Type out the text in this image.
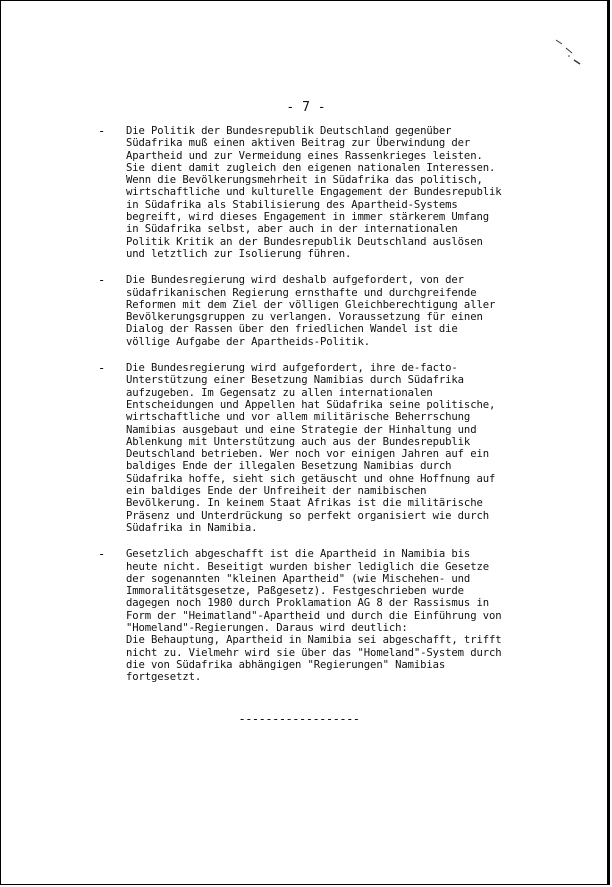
- 7 -
- Die Politik der Bundesrepublik Deutschland gegenüber
Südafrika muß einen aktiven Beitrag zur Überwindung der
Apartheid und zur Vermeidung eines Rassenkrieges leisten.
Sie dient damit zugleich den eigenen nationalen Interessen.
Wenn die Bevölkerungsmehrheit in Südafrika das politisch,
wirtschaftliche und kulturelle Engagement der Bundesrepublik
in Südafrika als Stabilisierung des Apartheid-Systems
begreift, wird dieses Engagement in immer stärkerem Umfang
in Südafrika selbst, aber auch in der internationalen
Politik Kritik an der Bundesrepublik Deutschland auslösen
und letztlich zur Isolierung führen.
- Die Bundesregierung wird deshalb aufgefordert, von der
südafrikanischen Regierung ernsthafte und durchgreifende
Reformen mit dem Ziel der völligen Gleichberechtigung aller
Bevölkerungsgruppen zu verlangen. Voraussetzung für einen
Dialog der Rassen über den friedlichen Wandel ist die
völlige Aufgabe der Apartheids-Politik.
- Die Bundesregierung wird aufgefordert, ihre de-facto-
Unterstützung einer Besetzung Namibias durch Südafrika
aufzugeben. Im Gegensatz zu allen internationalen
Entscheidungen und Appellen hat Südafrika seine politische,
wirtschaftliche und vor allem militärische Beherrschung
Namibias ausgebaut und eine Strategie der Hinhaltung und
Ablenkung mit Unterstützung auch aus der Bundesrepublik
Deutschland betrieben. Wer noch vor einigen Jahren auf ein
baldiges Ende der illegalen Besetzung Namibias durch
Südafrika hoffe, sieht sich getäuscht und ohne Hoffnung auf
ein baldiges Ende der Unfreiheit der namibischen
Bevölkerung. In keinem Staat Afrikas ist die militärische
Präsenz und Unterdrückung so perfekt organisiert wie durch
Südafrika in Namibia.
- Gesetzlich abgeschafft ist die Apartheid in Namibia bis
heute nicht. Beseitigt wurden bisher lediglich die Gesetze
der sogenannten "kleinen Apartheid" (wie Mischehen- und
Immoralitätsgesetze, Paßgesetz). Festgeschrieben wurde
dagegen noch 1980 durch Proklamation AG 8 der Rassismus in
Form der "Heimatland"-Apartheid und durch die Einführung von
"Homeland"-Regierungen. Daraus wird deutlich:
Die Behauptung, Apartheid in Namibia sei abgeschafft, trifft
nicht zu. Vielmehr wird sie über das "Homeland"-System durch
die von Südafrika abhängigen "Regierungen" Namibias
fortgesetzt.
------------------
